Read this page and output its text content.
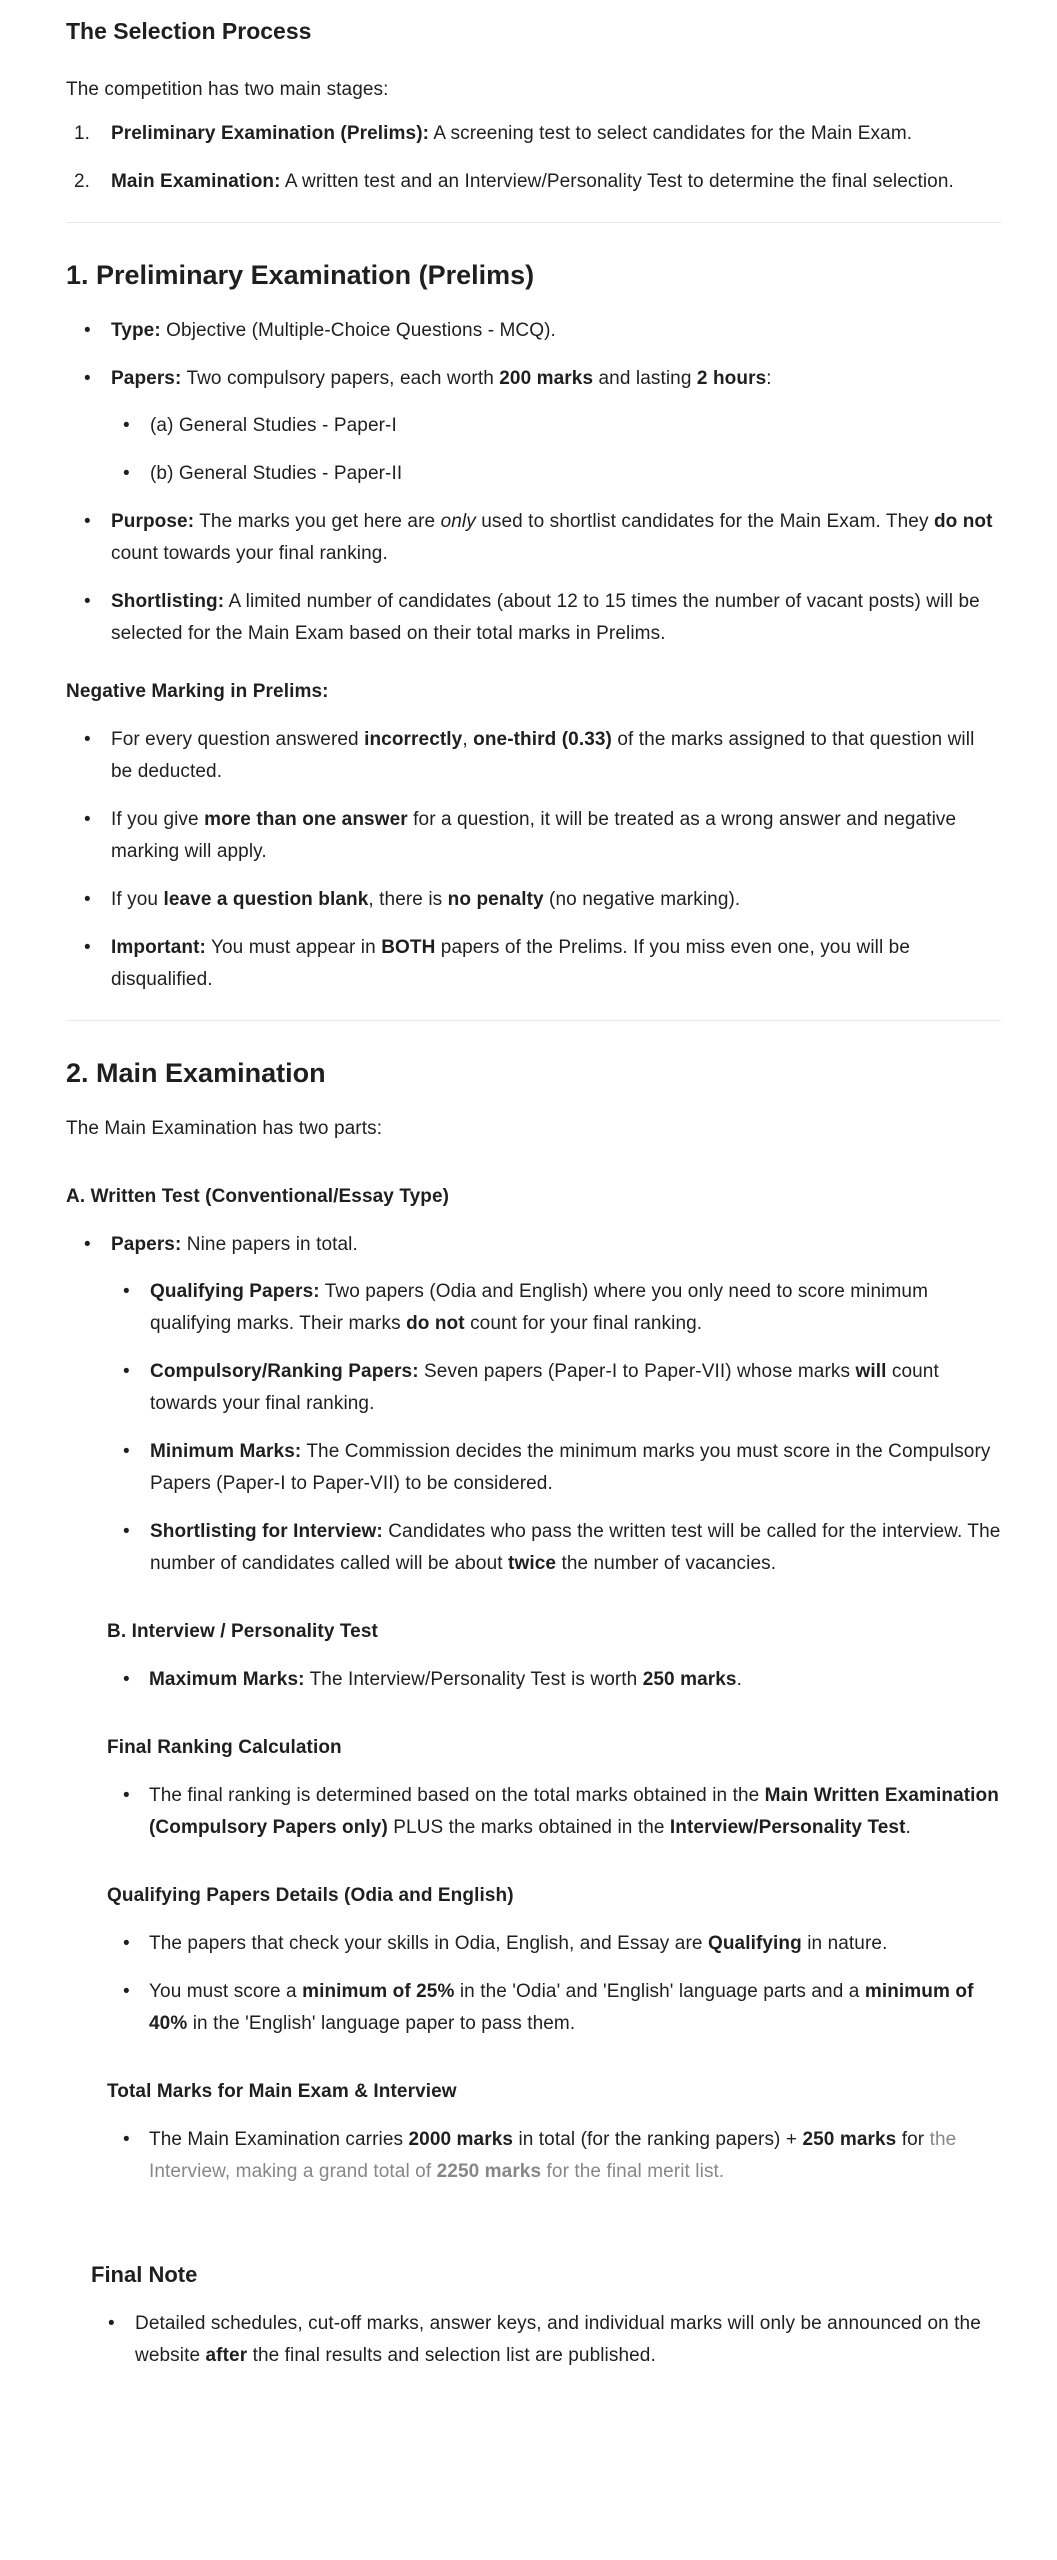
The Selection Process

The competition has two main stages:

Preliminary Examination (Prelims): A screening test to select candidates for the Main Exam.
Main Examination: A written test and an Interview/Personality Test to determine the final selection.
1. Preliminary Examination (Prelims)
• Type: Objective (Multiple-Choice Questions - MCQ).
• Papers: Two compulsory papers, each worth 200 marks and lasting 2 hours:
• (a) General Studies - Paper-I
• (b) General Studies - Paper-II
• Purpose: The marks you get here are only used to shortlist candidates for the Main Exam. They do not count towards your final ranking.
• Shortlisting: A limited number of candidates (about 12 to 15 times the number of vacant posts) will be selected for the Main Exam based on their total marks in Prelims.
Negative Marking in Prelims:
• For every question answered incorrectly, one-third (0.33) of the marks assigned to that question will be deducted.
• If you give more than one answer for a question, it will be treated as a wrong answer and negative marking will apply.
• If you leave a question blank, there is no penalty (no negative marking).
• Important: You must appear in BOTH papers of the Prelims. If you miss even one, you will be disqualified.
2. Main Examination

The Main Examination has two parts:

A. Written Test (Conventional/Essay Type)
• Papers: Nine papers in total.
• Qualifying Papers: Two papers (Odia and English) where you only need to score minimum qualifying marks. Their marks do not count for your final ranking.
• Compulsory/Ranking Papers: Seven papers (Paper-I to Paper-VII) whose marks will count towards your final ranking.
• Minimum Marks: The Commission decides the minimum marks you must score in the Compulsory Papers (Paper-I to Paper-VII) to be considered.
• Shortlisting for Interview: Candidates who pass the written test will be called for the interview. The number of candidates called will be about twice the number of vacancies.
B. Interview / Personality Test
• Maximum Marks: The Interview/Personality Test is worth 250 marks.
Final Ranking Calculation
• The final ranking is determined based on the total marks obtained in the Main Written Examination (Compulsory Papers only) PLUS the marks obtained in the Interview/Personality Test.
Qualifying Papers Details (Odia and English)
• The papers that check your skills in Odia, English, and Essay are Qualifying in nature.
• You must score a minimum of 25% in the 'Odia' and 'English' language parts and a minimum of 40% in the 'English' language paper to pass them.
Total Marks for Main Exam & Interview
• The Main Examination carries 2000 marks in total (for the ranking papers) + 250 marks for the Interview, making a grand total of 2250 marks for the final merit list.
Final Note
• Detailed schedules, cut-off marks, answer keys, and individual marks will only be announced on the website after the final results and selection list are published.
